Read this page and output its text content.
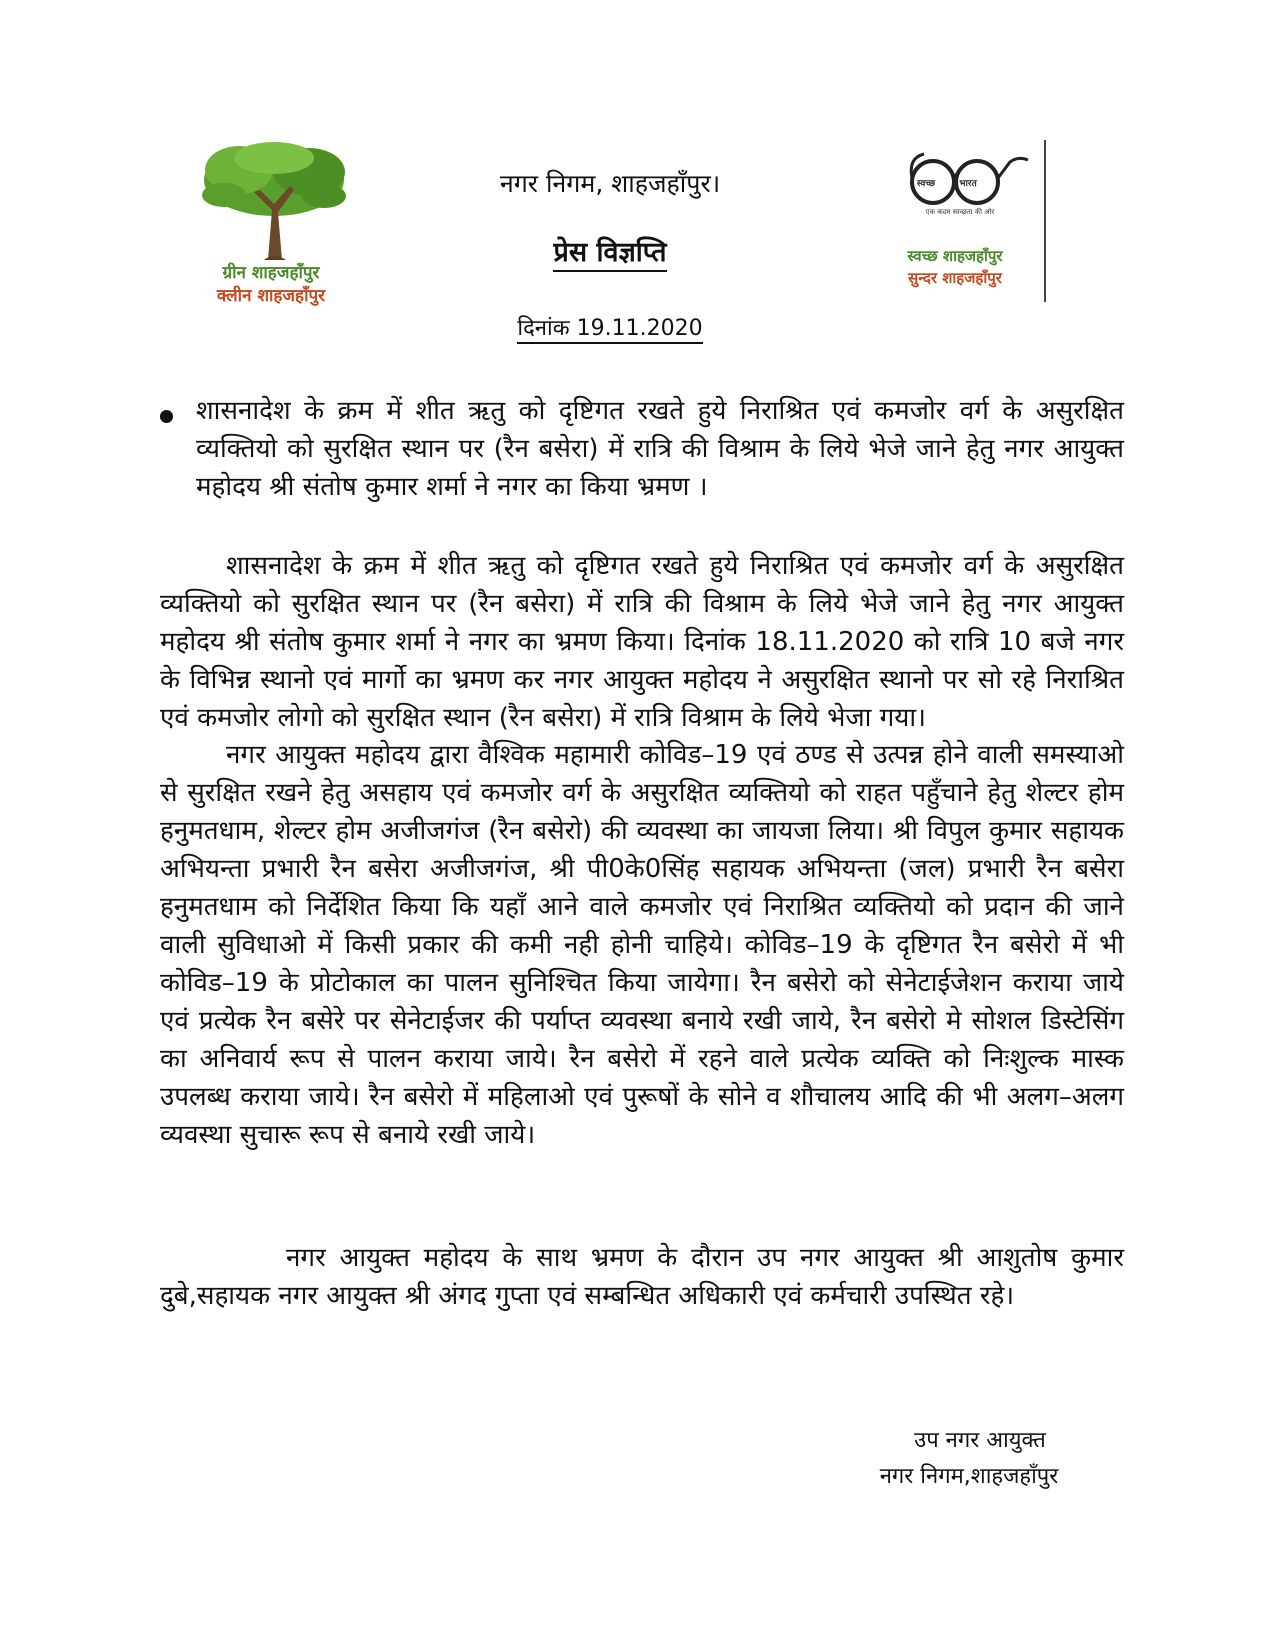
ग्रीन शाहजहाँपुर
क्लीन शाहजहाँपुर
नगर निगम, शाहजहाँपुर।
प्रेस विज्ञप्ति
दिनांक 19.11.2020
स्वच्छ	भारत
एक कदम स्वच्छता की ओर
स्वच्छ शाहजहाँपुर
सुन्दर शाहजहाँपुर
शासनादेश के क्रम में शीत ऋतु को दृष्टिगत रखते हुये निराश्रित एवं कमजोर वर्ग के असुरक्षित व्यक्तियो को सुरक्षित स्थान पर (रैन बसेरा) में रात्रि की विश्राम के लिये भेजे जाने हेतु नगर आयुक्त महोदय श्री संतोष कुमार शर्मा ने नगर का किया भ्रमण ।
शासनादेश के क्रम में शीत ऋतु को दृष्टिगत रखते हुये निराश्रित एवं कमजोर वर्ग के असुरक्षित व्यक्तियो को सुरक्षित स्थान पर (रैन बसेरा) में रात्रि की विश्राम के लिये भेजे जाने हेतु नगर आयुक्त महोदय श्री संतोष कुमार शर्मा ने नगर का भ्रमण किया। दिनांक 18.11.2020 को रात्रि 10 बजे नगर के विभिन्न स्थानो एवं मार्गो का भ्रमण कर नगर आयुक्त महोदय ने असुरक्षित स्थानो पर सो रहे निराश्रित एवं कमजोर लोगो को सुरक्षित स्थान (रैन बसेरा) में रात्रि विश्राम के लिये भेजा गया।
नगर आयुक्त महोदय द्वारा वैश्विक महामारी कोविड–19 एवं ठण्ड से उत्पन्न होने वाली समस्याओ से सुरक्षित रखने हेतु असहाय एवं कमजोर वर्ग के असुरक्षित व्यक्तियो को राहत पहुँचाने हेतु शेल्टर होम हनुमतधाम, शेल्टर होम अजीजगंज (रैन बसेरो) की व्यवस्था का जायजा लिया। श्री विपुल कुमार सहायक अभियन्ता प्रभारी रैन बसेरा अजीजगंज, श्री पी0के0सिंह सहायक अभियन्ता (जल) प्रभारी रैन बसेरा हनुमतधाम को निर्देशित किया कि यहाँ आने वाले कमजोर एवं निराश्रित व्यक्तियो को प्रदान की जाने वाली सुविधाओ में किसी प्रकार की कमी नही होनी चाहिये। कोविड–19 के दृष्टिगत रैन बसेरो में भी कोविड–19 के प्रोटोकाल का पालन सुनिश्चित किया जायेगा। रैन बसेरो को सेनेटाईजेशन कराया जाये एवं प्रत्येक रैन बसेरे पर सेनेटाईजर की पर्याप्त व्यवस्था बनाये रखी जाये, रैन बसेरो मे सोशल डिस्टेसिंग का अनिवार्य रूप से पालन कराया जाये। रैन बसेरो में रहने वाले प्रत्येक व्यक्ति को निःशुल्क मास्क उपलब्ध कराया जाये। रैन बसेरो में महिलाओ एवं पुरूषों के सोने व शौचालय आदि की भी अलग–अलग व्यवस्था सुचारू रूप से बनाये रखी जाये।
नगर आयुक्त महोदय के साथ भ्रमण के दौरान उप नगर आयुक्त श्री आशुतोष कुमार दुबे,सहायक नगर आयुक्त श्री अंगद गुप्ता एवं सम्बन्धित अधिकारी एवं कर्मचारी उपस्थित रहे।
उप नगर आयुक्त
नगर निगम,शाहजहाँपुर
